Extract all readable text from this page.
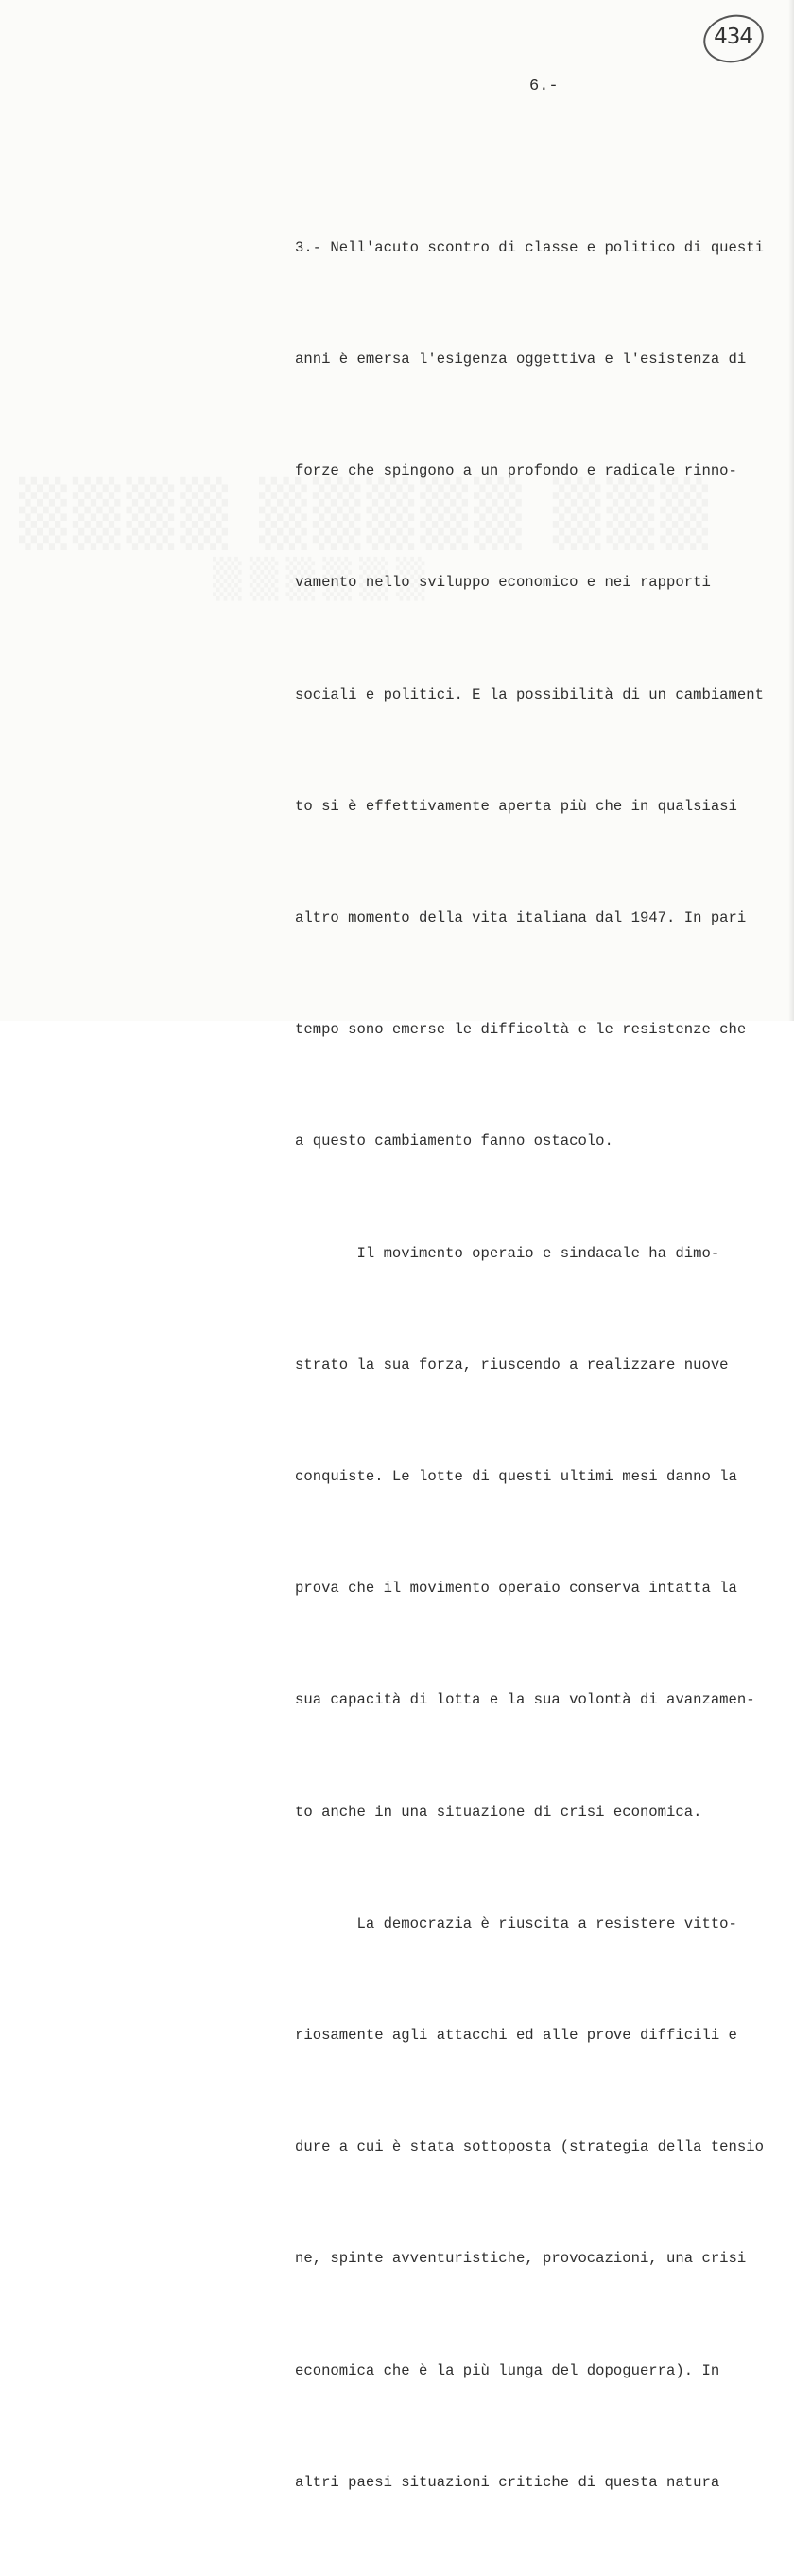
434
6.-

3.- Nell'acuto scontro di classe e politico di questi

anni è emersa l'esigenza oggettiva e l'esistenza di

forze che spingono a un profondo e radicale rinno-

vamento nello sviluppo economico e nei rapporti

sociali e politici. E la possibilità di un cambiament

to si è effettivamente aperta più che in qualsiasi

altro momento della vita italiana dal 1947. In pari

tempo sono emerse le difficoltà e le resistenze che

a questo cambiamento fanno ostacolo.

Il movimento operaio e sindacale ha dimo-

strato la sua forza, riuscendo a realizzare nuove

conquiste. Le lotte di questi ultimi mesi danno la

prova che il movimento operaio conserva intatta la

sua capacità di lotta e la sua volontà di avanzamen-

to anche in una situazione di crisi economica.

La democrazia è riuscita a resistere vitto-

riosamente agli attacchi ed alle prove difficili e

dure a cui è stata sottoposta (strategia della tensio

ne, spinte avventuristiche, provocazioni, una crisi

economica che è la più lunga del dopoguerra). In

altri paesi situazioni critiche di questa natura
